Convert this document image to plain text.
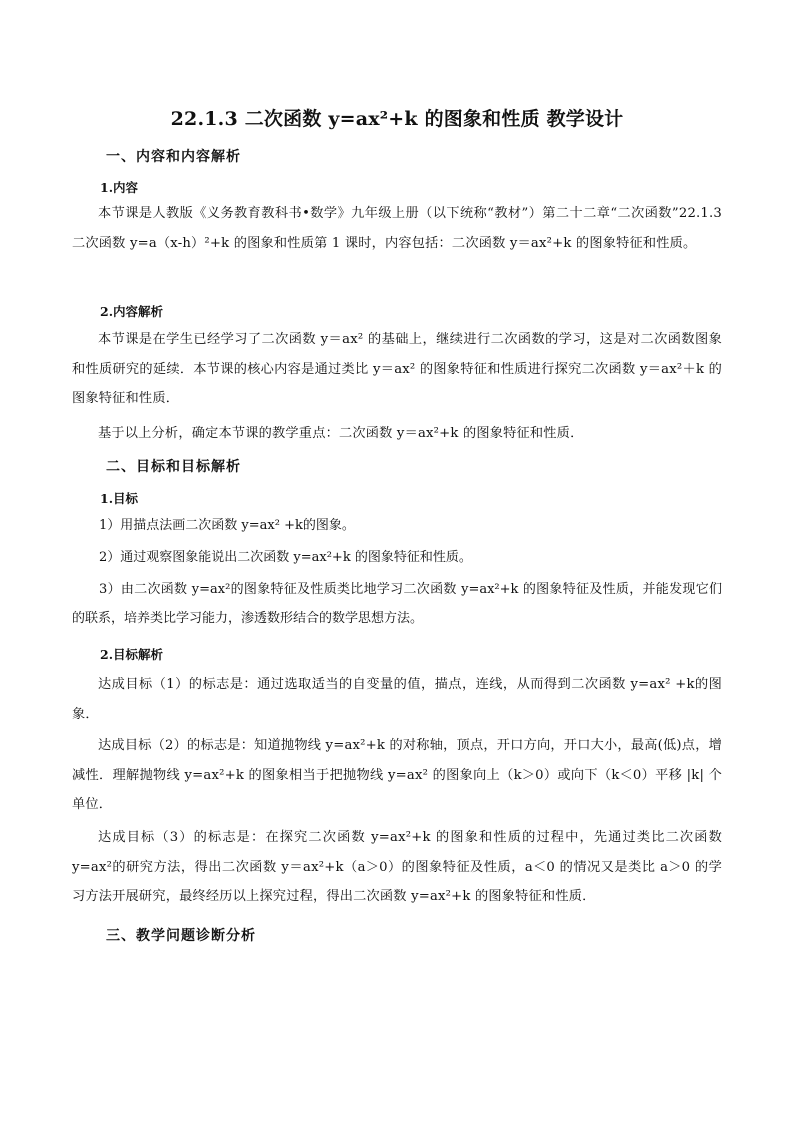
22.1.3 二次函数 y=ax²+k 的图象和性质 教学设计
一、内容和内容解析
1.内容
本节课是人教版《义务教育教科书•数学》九年级上册（以下统称“教材”）第二十二章“二次函数”22.1.3 二次函数 y=a（x-h）²+k 的图象和性质第 1 课时，内容包括：二次函数 y＝ax²+k 的图象特征和性质。
2.内容解析
本节课是在学生已经学习了二次函数 y＝ax² 的基础上，继续进行二次函数的学习，这是对二次函数图象和性质研究的延续．本节课的核心内容是通过类比 y＝ax² 的图象特征和性质进行探究二次函数 y＝ax²＋k 的图象特征和性质．
基于以上分析，确定本节课的教学重点：二次函数 y＝ax²+k 的图象特征和性质．
二、目标和目标解析
1.目标
1）用描点法画二次函数 y=ax² +k的图象。
2）通过观察图象能说出二次函数 y=ax²+k 的图象特征和性质。
3）由二次函数 y=ax²的图象特征及性质类比地学习二次函数 y=ax²+k 的图象特征及性质，并能发现它们的联系，培养类比学习能力，渗透数形结合的数学思想方法。
2.目标解析
达成目标（1）的标志是：通过选取适当的自变量的值，描点，连线，从而得到二次函数 y=ax² +k的图象．
达成目标（2）的标志是：知道抛物线 y=ax²+k 的对称轴，顶点，开口方向，开口大小，最高(低)点，增减性．理解抛物线 y=ax²+k 的图象相当于把抛物线 y=ax² 的图象向上（k＞0）或向下（k＜0）平移 |k| 个单位．
达成目标（3）的标志是：在探究二次函数 y=ax²+k 的图象和性质的过程中，先通过类比二次函数 y=ax²的研究方法，得出二次函数 y＝ax²+k（a＞0）的图象特征及性质，a＜0 的情况又是类比 a＞0 的学习方法开展研究，最终经历以上探究过程，得出二次函数 y=ax²+k 的图象特征和性质．
三、教学问题诊断分析
